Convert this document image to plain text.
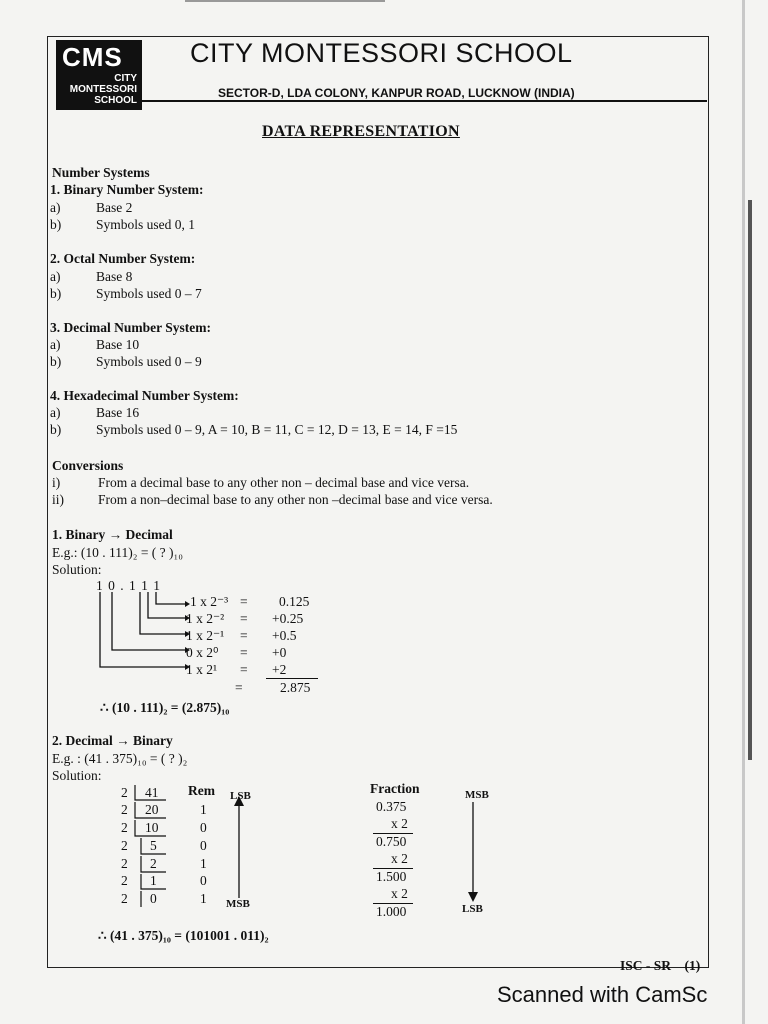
CMS
CITY
MONTESSORI
SCHOOL
CITY MONTESSORI SCHOOL
SECTOR-D, LDA COLONY, KANPUR ROAD, LUCKNOW (INDIA)
DATA REPRESENTATION
Number Systems
1. Binary Number System:
a)	Base 2
b)	Symbols used 0, 1
2. Octal Number System:
a)	Base 8
b)	Symbols used 0 – 7
3. Decimal Number System:
a)	Base 10
b)	Symbols used 0 – 9
4. Hexadecimal Number System:
a)	Base 16
b)	Symbols used 0 – 9, A = 10, B = 11, C = 12, D = 13, E = 14, F =15
Conversions
i)	From a decimal base to any other non – decimal base and vice versa.
ii)	From a non–decimal base to any other non –decimal base and vice versa.
1. Binary → Decimal
E.g.: (10 . 111)₂ = ( ? )₁₀
Solution:
1 0 . 1 1 1
1 x 2⁻³ = 0.125
1 x 2⁻² = +0.25
1 x 2⁻¹ = +0.5
0 x 2⁰ = +0
1 x 2¹ = +2
=	2.875
∴ (10 . 111)₂ = (2.875)₁₀
2. Decimal → Binary
E.g. : (41 . 375)₁₀ = ( ? )₂
Solution:
Rem
2 41
2 20	1
2 10	0
2 5	0
2 2	1
2 1	0
2 0	1
LSB
MSB
Fraction
0.375
x 2
0.750
x 2
1.500
x 2
1.000
MSB
LSB
∴ (41 . 375)₁₀ = (101001 . 011)₂
ISC - SR    (1)
Scanned with CamSc
